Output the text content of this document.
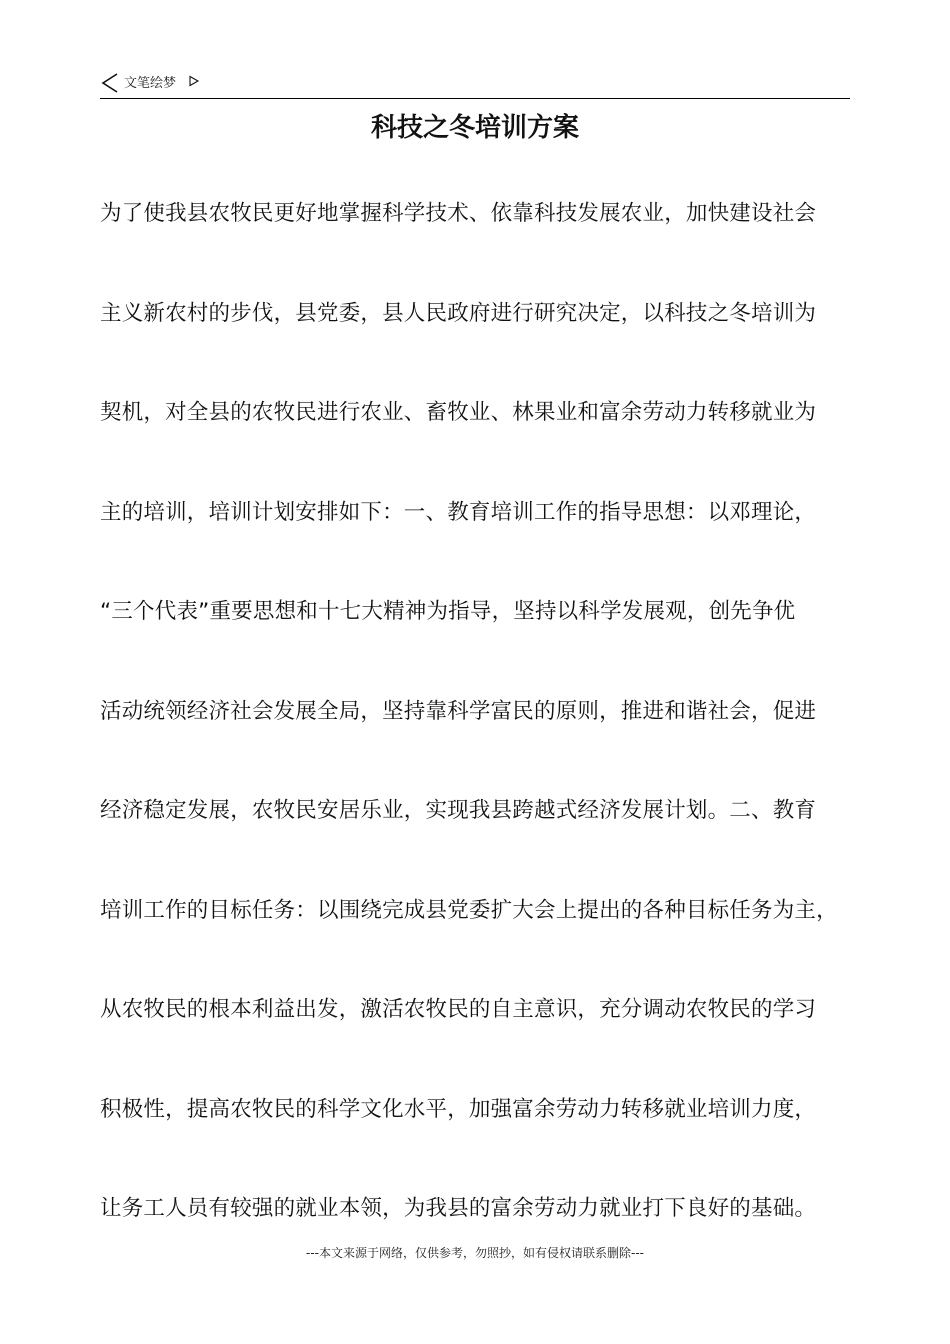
文笔绘梦
科技之冬培训方案
为了使我县农牧民更好地掌握科学技术、依靠科技发展农业，加快建设社会
主义新农村的步伐，县党委，县人民政府进行研究决定，以科技之冬培训为
契机，对全县的农牧民进行农业、畜牧业、林果业和富余劳动力转移就业为
主的培训，培训计划安排如下：一、教育培训工作的指导思想：以邓理论，
“三个代表”重要思想和十七大精神为指导，坚持以科学发展观，创先争优
活动统领经济社会发展全局，坚持靠科学富民的原则，推进和谐社会，促进
经济稳定发展，农牧民安居乐业，实现我县跨越式经济发展计划。二、教育
培训工作的目标任务：以围绕完成县党委扩大会上提出的各种目标任务为主，
从农牧民的根本利益出发，激活农牧民的自主意识，充分调动农牧民的学习
积极性，提高农牧民的科学文化水平，加强富余劳动力转移就业培训力度，
让务工人员有较强的就业本领，为我县的富余劳动力就业打下良好的基础。
---本文来源于网络，仅供参考，勿照抄，如有侵权请联系删除---
